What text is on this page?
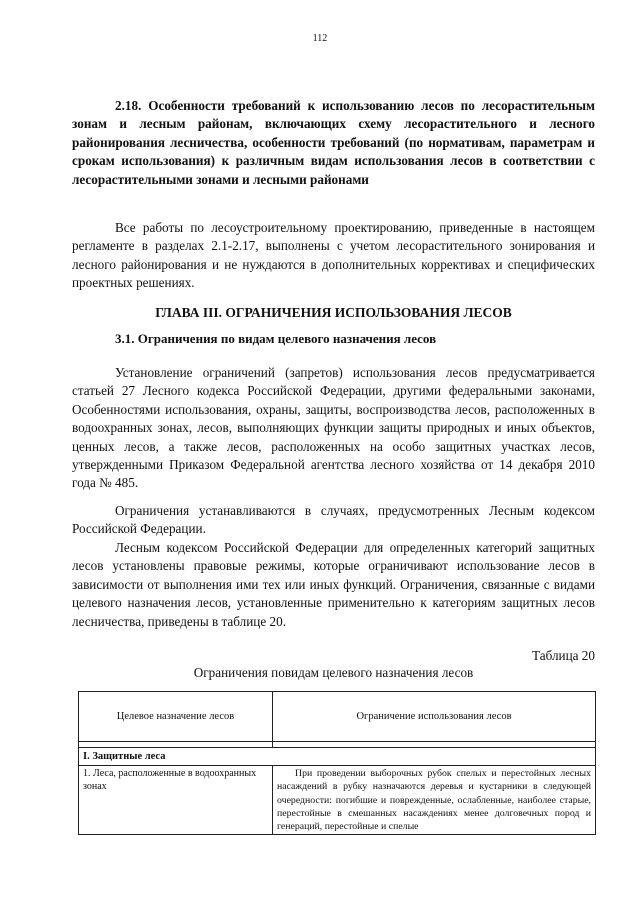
112
2.18. Особенности требований к использованию лесов по лесорастительным зонам и лесным районам, включающих схему лесорастительного и лесного районирования лесничества, особенности требований (по нормативам, параметрам и срокам использования) к различным видам использования лесов в соответствии с лесорастительными зонами и лесными районами
Все работы по лесоустроительному проектированию, приведенные в настоящем регламенте в разделах 2.1-2.17, выполнены с учетом лесорастительного зонирования и лесного районирования и не нуждаются в дополнительных коррективах и специфических проектных решениях.
ГЛАВА III. ОГРАНИЧЕНИЯ ИСПОЛЬЗОВАНИЯ ЛЕСОВ
3.1. Ограничения по видам целевого назначения лесов
Установление ограничений (запретов) использования лесов предусматривается статьей 27 Лесного кодекса Российской Федерации, другими федеральными законами, Особенностями использования, охраны, защиты, воспроизводства лесов, расположенных в водоохранных зонах, лесов, выполняющих функции защиты природных и иных объектов, ценных лесов, а также лесов, расположенных на особо защитных участках лесов, утвержденными Приказом Федеральной агентства лесного хозяйства от 14 декабря 2010 года № 485.
Ограничения устанавливаются в случаях, предусмотренных Лесным кодексом Российской Федерации.
Лесным кодексом Российской Федерации для определенных категорий защитных лесов установлены правовые режимы, которые ограничивают использование лесов в зависимости от выполнения ими тех или иных функций. Ограничения, связанные с видами целевого назначения лесов, установленные применительно к категориям защитных лесов лесничества, приведены в таблице 20.
Таблица 20
Ограничения повидам целевого назначения лесов
Целевое назначение лесов	Ограничение использования лесов

I. Защитные леса	
1. Леса, расположенные в водоохранных зонах	При проведении выборочных рубок спелых и перестойных лесных насаждений в рубку назначаются деревья и кустарники в следующей очередности: погибшие и поврежденные, ослабленные, наиболее старые, перестойные в смешанных насаждениях менее долговечных пород и генераций, перестойные и спелые
